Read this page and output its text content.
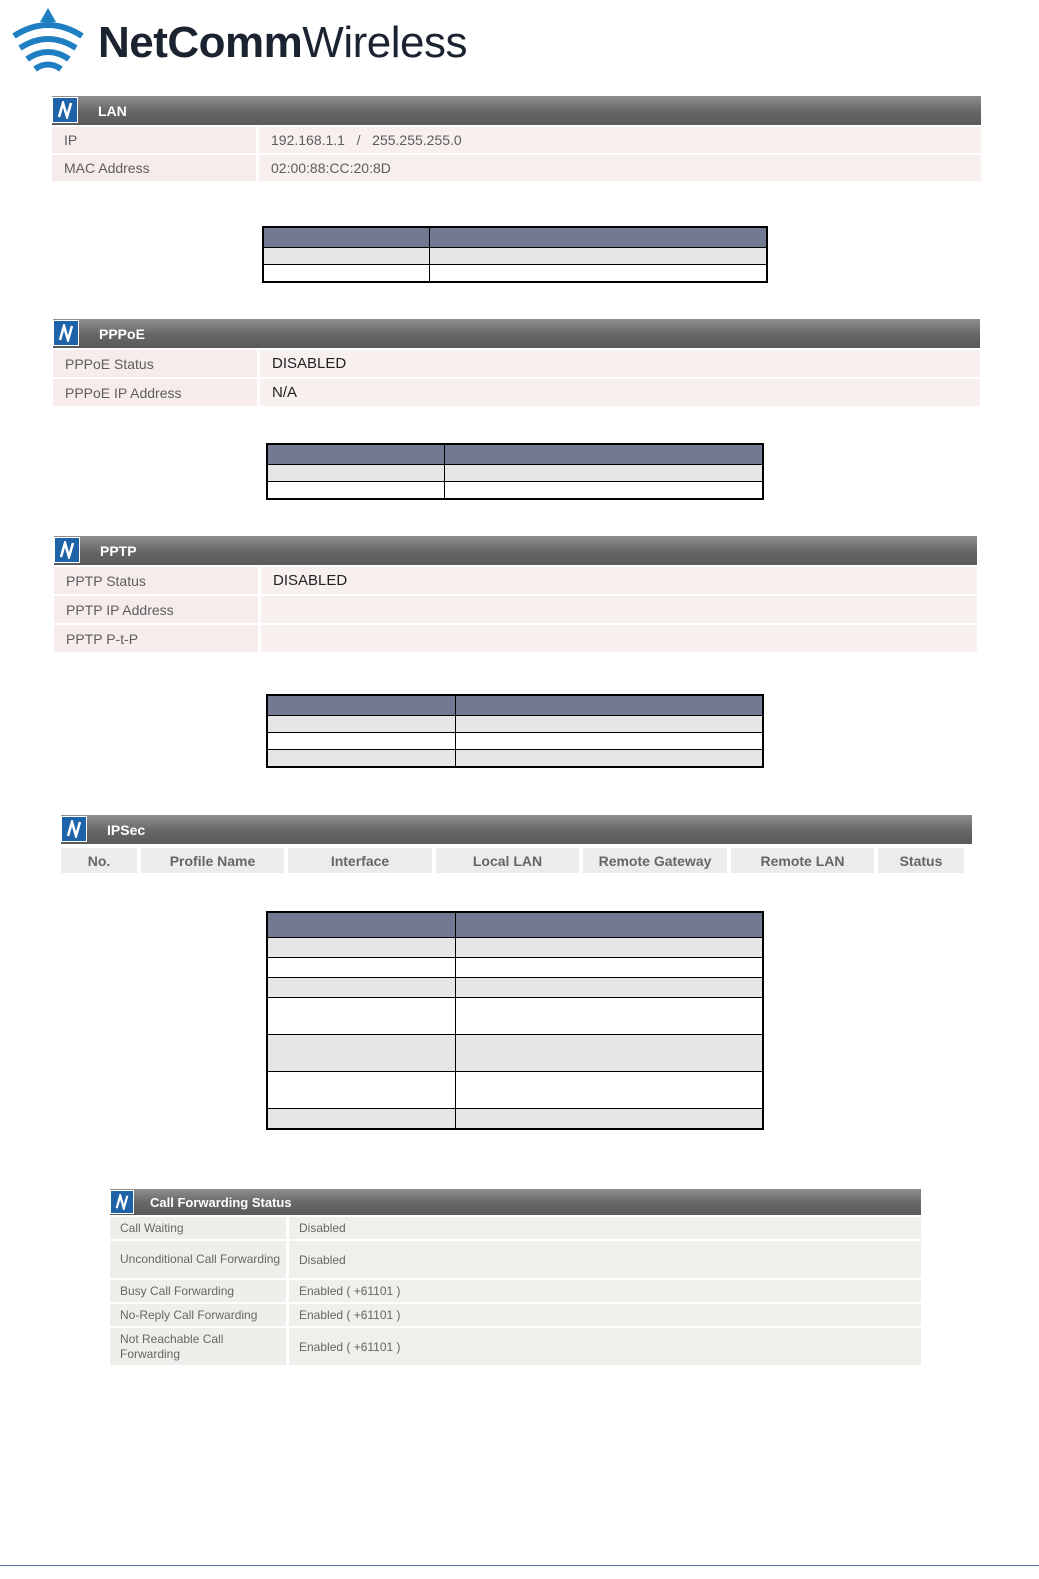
NetCommWireless
LAN
IP	192.168.1.1   /   255.255.255.0
MAC Address	02:00:88:CC:20:8D

PPPoE
PPPoE Status	DISABLED
PPPoE IP Address	N/A

PPTP
PPTP Status	DISABLED
PPTP IP Address
PPTP P-t-P

IPSec
No.	Profile Name	Interface	Local LAN	Remote Gateway	Remote LAN	Status

Call Forwarding Status
Call Waiting	Disabled
Unconditional Call Forwarding	Disabled
Busy Call Forwarding	Enabled ( +61101 )
No-Reply Call Forwarding	Enabled ( +61101 )
Not Reachable Call Forwarding	Enabled ( +61101 )
